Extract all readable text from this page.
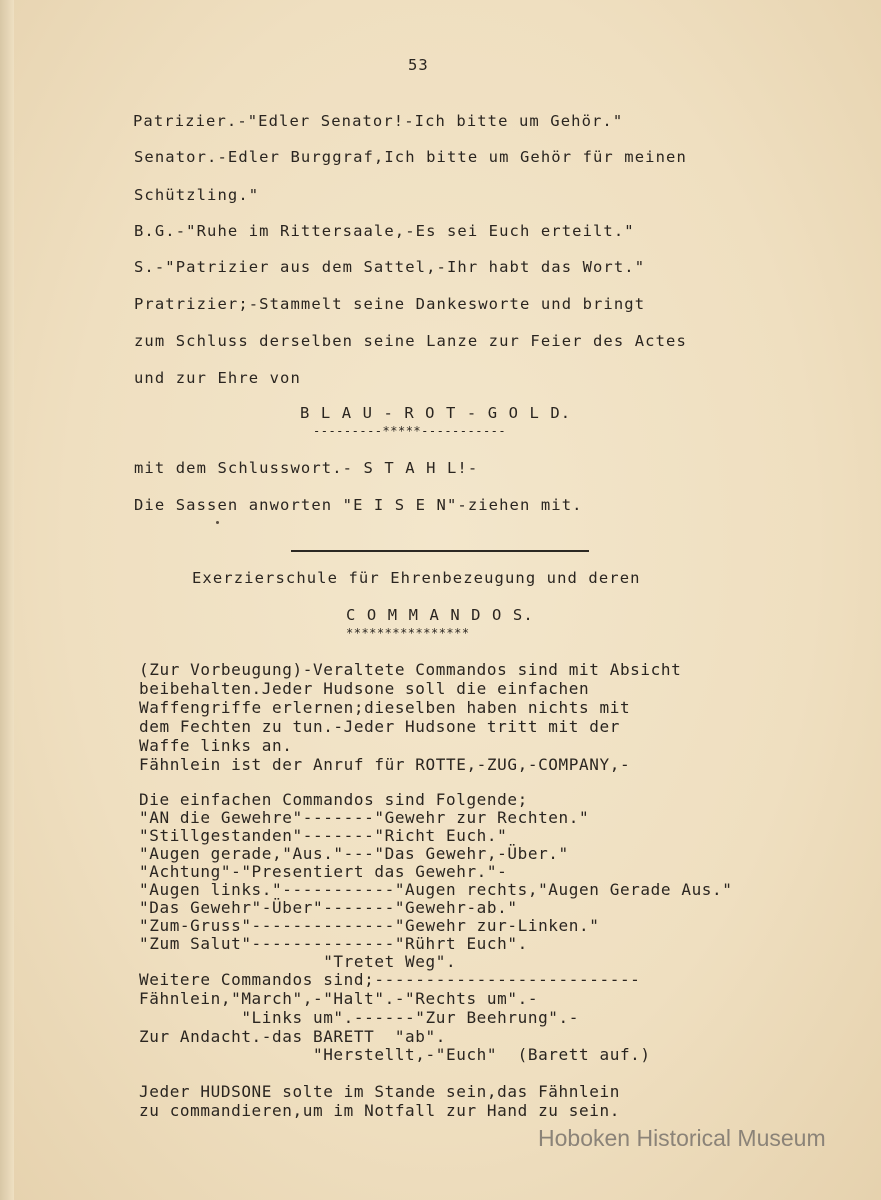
53
Patrizier.-"Edler Senator!-Ich bitte um Gehör."
Senator.-Edler Burggraf,Ich bitte um Gehör für meinen
Schützling."
B.G.-"Ruhe im Rittersaale,-Es sei Euch erteilt."
S.-"Patrizier aus dem Sattel,-Ihr habt das Wort."
Pratrizier;-Stammelt seine Dankesworte und bringt
zum Schluss derselben seine Lanze zur Feier des Actes
und zur Ehre von
B L A U - R O T - G O L D.
---------*****-----------
mit dem Schlusswort.- S T A H L!-
Die Sassen anworten "E I S E N"-ziehen mit.
Exerzierschule für Ehrenbezeugung und deren
C O M M A N D O S.
****************
(Zur Vorbeugung)-Veraltete Commandos sind mit Absicht
beibehalten.Jeder Hudsone soll die einfachen
Waffengriffe erlernen;dieselben haben nichts mit
dem Fechten zu tun.-Jeder Hudsone tritt mit der
Waffe links an.
Fähnlein ist der Anruf für ROTTE,-ZUG,-COMPANY,-
Die einfachen Commandos sind Folgende;
"AN die Gewehre"-------"Gewehr zur Rechten."
"Stillgestanden"-------"Richt Euch."
"Augen gerade,"Aus."---"Das Gewehr,-Über."
"Achtung"-"Presentiert das Gewehr."-
"Augen links."-----------"Augen rechts,"Augen Gerade Aus."
"Das Gewehr"-Über"-------"Gewehr-ab."
"Zum-Gruss"--------------"Gewehr zur-Linken."
"Zum Salut"--------------"Rührt Euch".
"Tretet Weg".
Weitere Commandos sind;--------------------------
Fähnlein,"March",-"Halt".-"Rechts um".-
"Links um".------"Zur Beehrung".-
Zur Andacht.-das BARETT  "ab".
"Herstellt,-"Euch"  (Barett auf.)
Jeder HUDSONE solte im Stande sein,das Fähnlein
zu commandieren,um im Notfall zur Hand zu sein.
Hoboken Historical Museum
